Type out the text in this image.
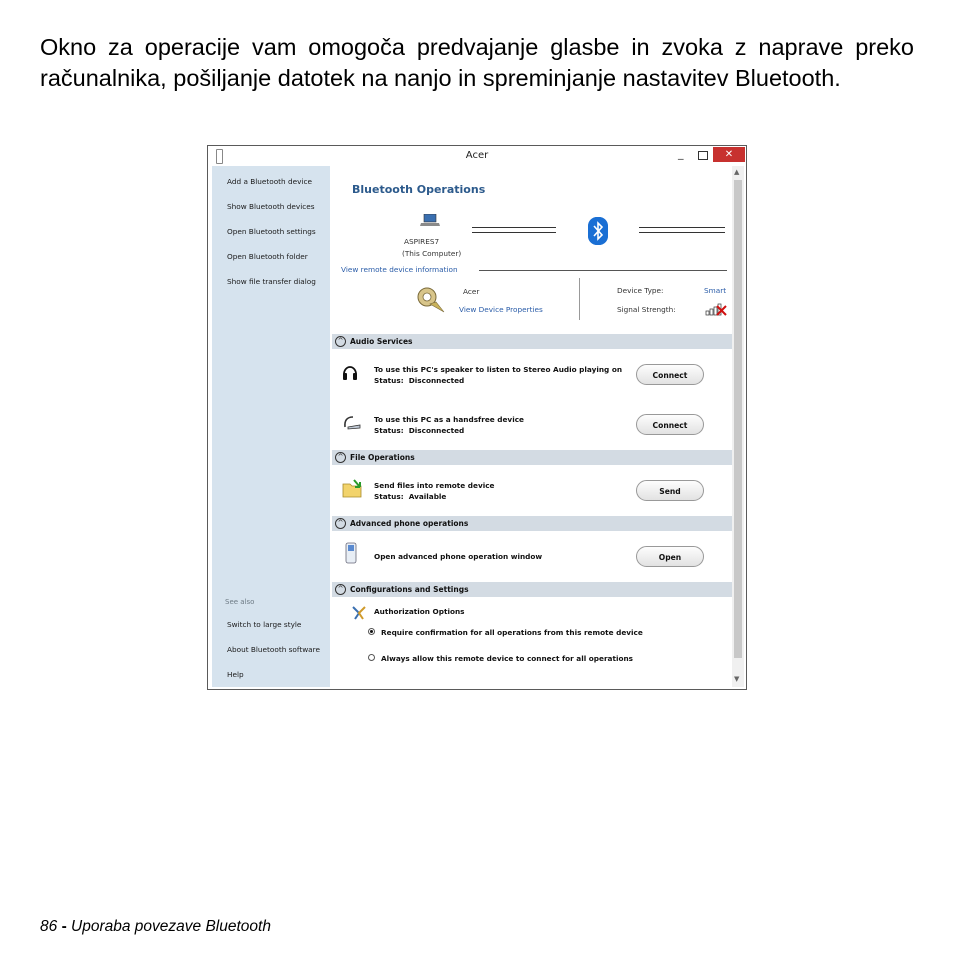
Okno za operacije vam omogoča predvajanje glasbe in zvoka z naprave preko računalnika, pošiljanje datotek na nanjo in spreminjanje nastavitev Bluetooth.

Acer	_	✕
Add a Bluetooth device
Show Bluetooth devices
Open Bluetooth settings
Open Bluetooth folder
Show file transfer dialog
See also
Switch to large style
About Bluetooth software
Help
Bluetooth Operations
ASPIRES7
(This Computer)
View remote device information
Acer
View Device Properties
Device Type:	Smart
Signal Strength:
^ Audio Services
To use this PC's speaker to listen to Stereo Audio playing on
Status: Disconnected
Connect
To use this PC as a handsfree device
Status: Disconnected
Connect
^ File Operations
Send files into remote device
Status: Available
Send
^ Advanced phone operations
Open advanced phone operation window	Open
^ Configurations and Settings
Authorization Options
Require confirmation for all operations from this remote device
Always allow this remote device to connect for all operations
▲
▼
86 - Uporaba povezave Bluetooth
